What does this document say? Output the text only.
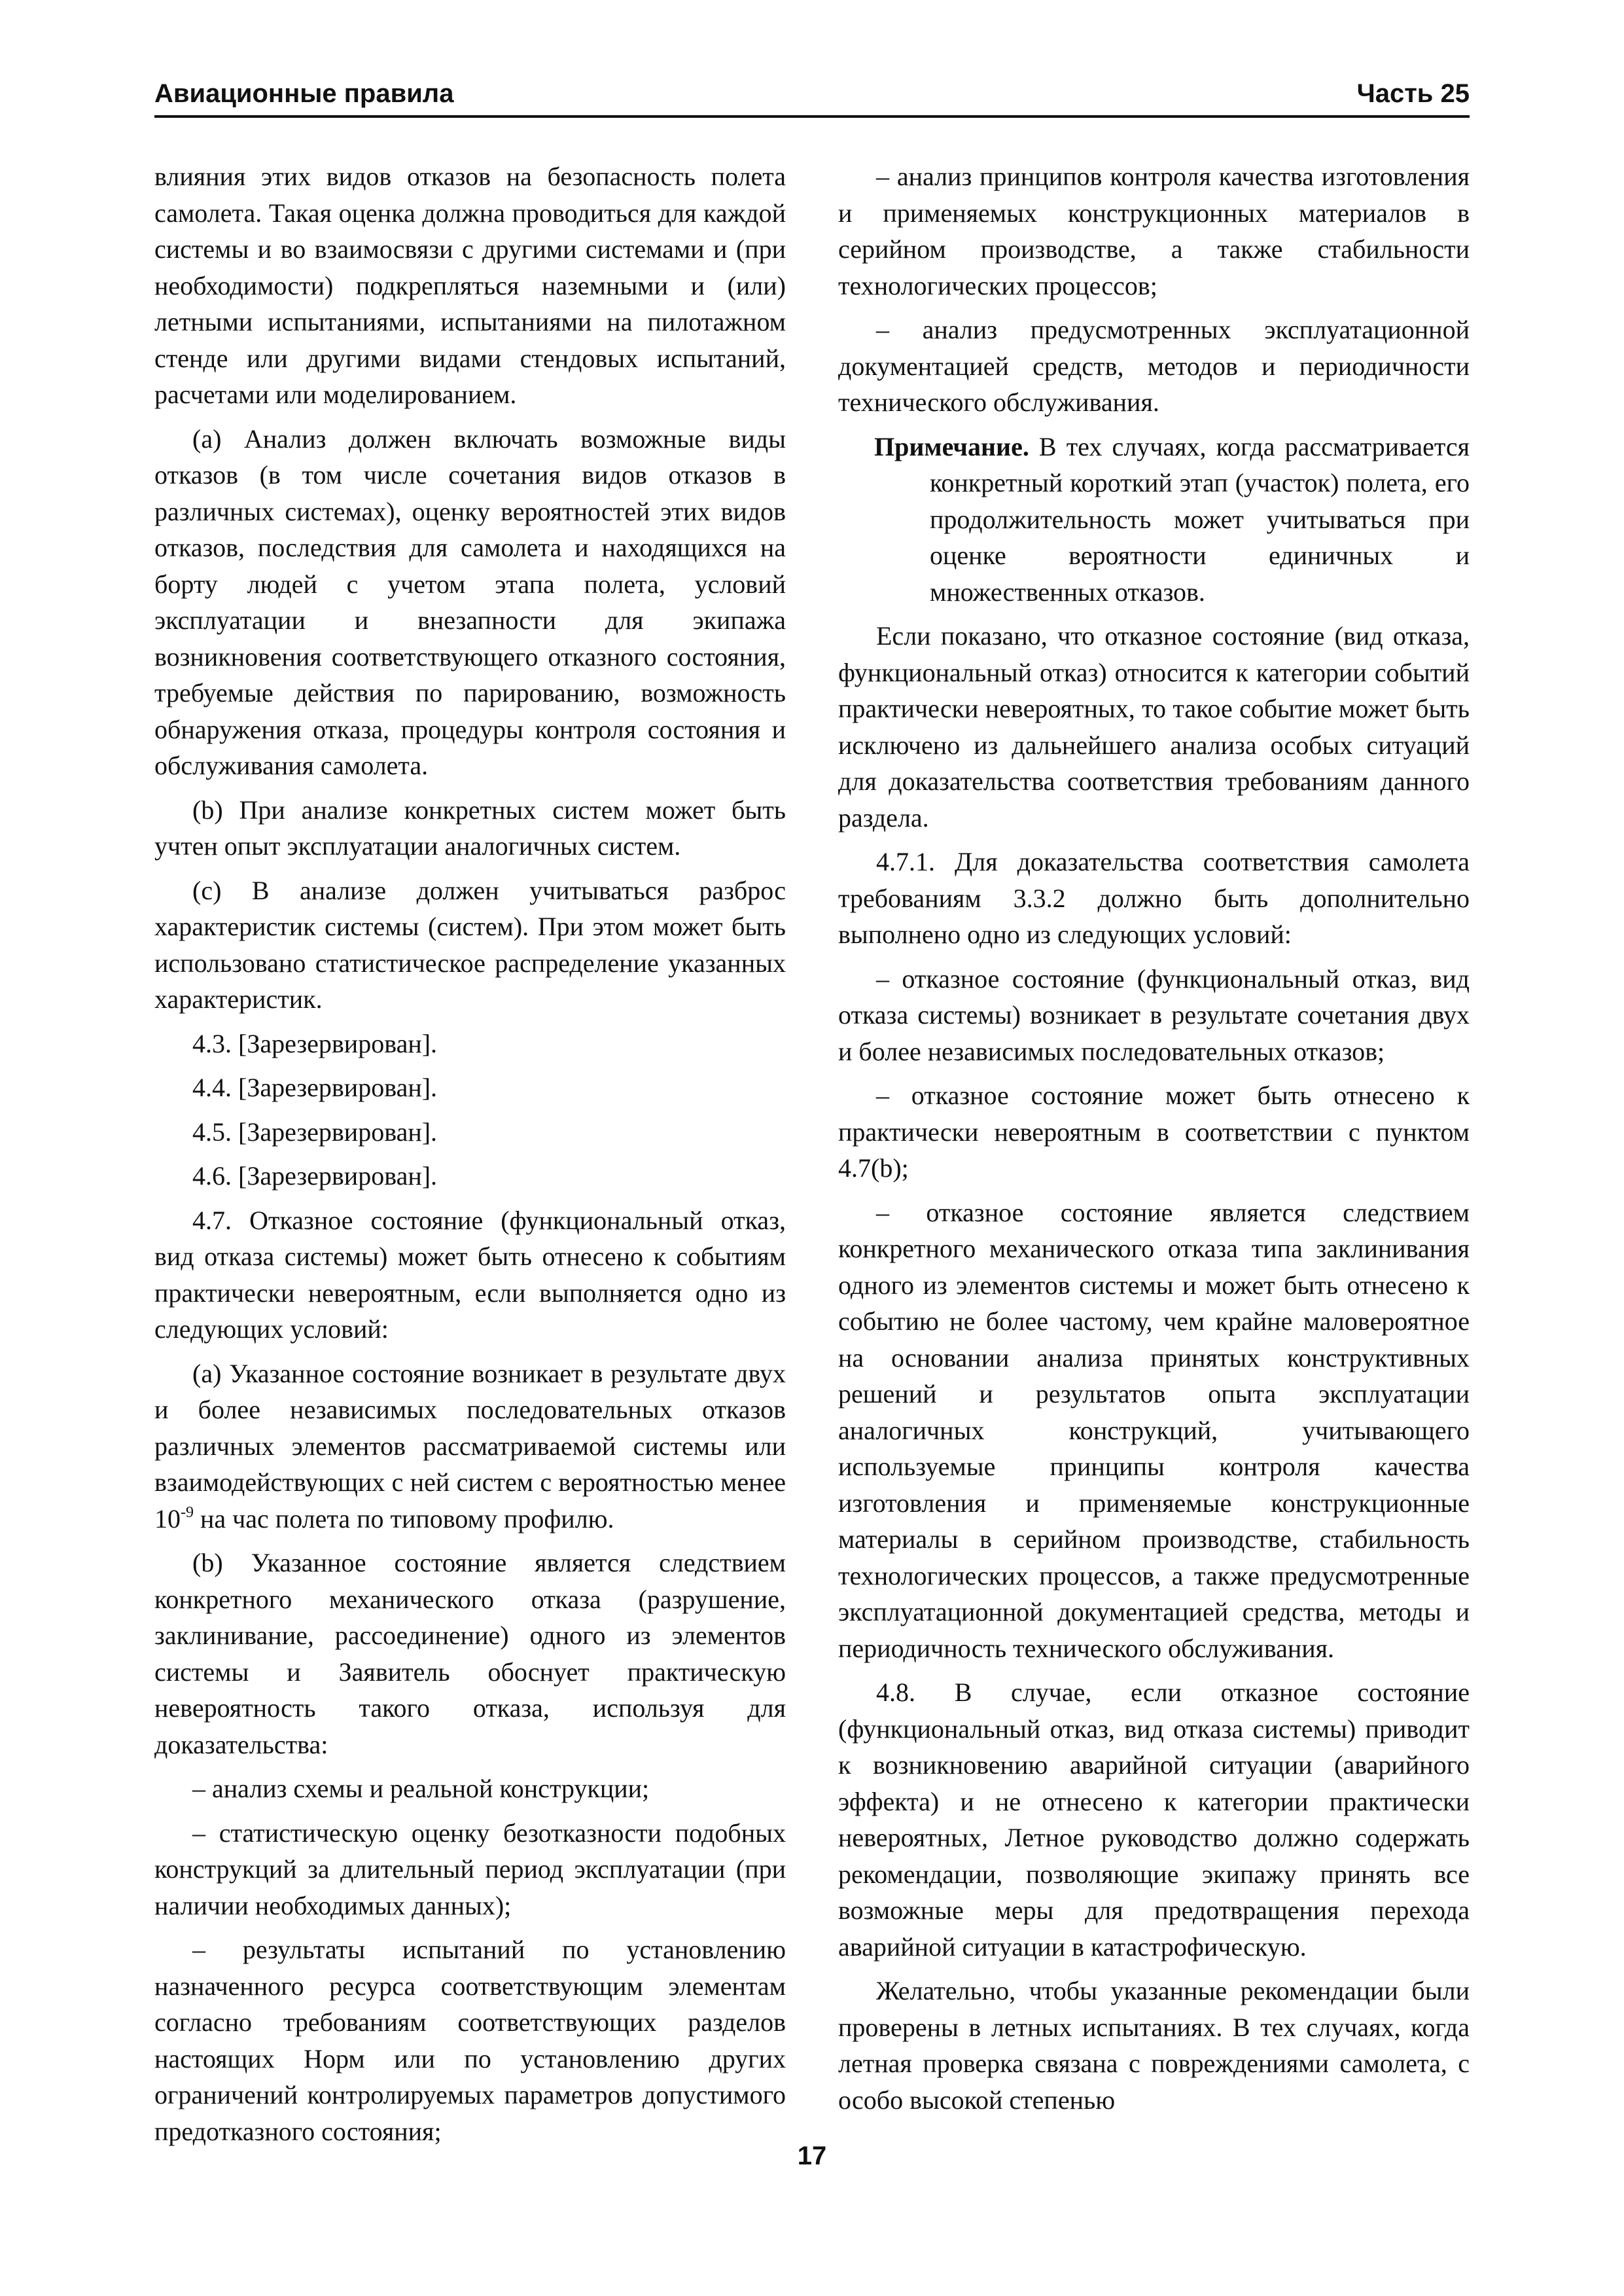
Авиационные правила	Часть 25

влияния этих видов отказов на безопасность полета самолета. Такая оценка должна проводиться для каждой системы и во взаимосвязи с другими системами и (при необходимости) подкрепляться наземными и (или) летными испытаниями, испытаниями на пилотажном стенде или другими видами стендовых испытаний, расчетами или моделированием.

(a) Анализ должен включать возможные виды отказов (в том числе сочетания видов отказов в различных системах), оценку вероятностей этих видов отказов, последствия для самолета и находящихся на борту людей с учетом этапа полета, условий эксплуатации и внезапности для экипажа возникновения соответствующего отказного состояния, требуемые действия по парированию, возможность обнаружения отказа, процедуры контроля состояния и обслуживания самолета.

(b) При анализе конкретных систем может быть учтен опыт эксплуатации аналогичных систем.

(c) В анализе должен учитываться разброс характеристик системы (систем). При этом может быть использовано статистическое распределение указанных характеристик.

4.3. [Зарезервирован].

4.4. [Зарезервирован].

4.5. [Зарезервирован].

4.6. [Зарезервирован].

4.7. Отказное состояние (функциональный отказ, вид отказа системы) может быть отнесено к событиям практически невероятным, если выполняется одно из следующих условий:

(a) Указанное состояние возникает в результате двух и более независимых последовательных отказов различных элементов рассматриваемой системы или взаимодействующих с ней систем с вероятностью менее $10^{-9}$ на час полета по типовому профилю.

(b) Указанное состояние является следствием конкретного механического отказа (разрушение, заклинивание, рассоединение) одного из элементов системы и Заявитель обоснует практическую невероятность такого отказа, используя для доказательства:

– анализ схемы и реальной конструкции;

– статистическую оценку безотказности подобных конструкций за длительный период эксплуатации (при наличии необходимых данных);

– результаты испытаний по установлению назначенного ресурса соответствующим элементам согласно требованиям соответствующих разделов настоящих Норм или по установлению других ограничений контролируемых параметров допустимого предотказного состояния;

– анализ принципов контроля качества изготовления и применяемых конструкционных материалов в серийном производстве, а также стабильности технологических процессов;

– анализ предусмотренных эксплуатационной документацией средств, методов и периодичности технического обслуживания.

Примечание. В тех случаях, когда рассматривается конкретный короткий этап (участок) полета, его продолжительность может учитываться при оценке вероятности единичных и множественных отказов.

Если показано, что отказное состояние (вид отказа, функциональный отказ) относится к категории событий практически невероятных, то такое событие может быть исключено из дальнейшего анализа особых ситуаций для доказательства соответствия требованиям данного раздела.

4.7.1. Для доказательства соответствия самолета требованиям 3.3.2 должно быть дополнительно выполнено одно из следующих условий:

– отказное состояние (функциональный отказ, вид отказа системы) возникает в результате сочетания двух и более независимых последовательных отказов;

– отказное состояние может быть отнесено к практически невероятным в соответствии с пунктом 4.7(b);

– отказное состояние является следствием конкретного механического отказа типа заклинивания одного из элементов системы и может быть отнесено к событию не более частому, чем крайне маловероятное на основании анализа принятых конструктивных решений и результатов опыта эксплуатации аналогичных конструкций, учитывающего используемые принципы контроля качества изготовления и применяемые конструкционные материалы в серийном производстве, стабильность технологических процессов, а также предусмотренные эксплуатационной документацией средства, методы и периодичность технического обслуживания.

4.8. В случае, если отказное состояние (функциональный отказ, вид отказа системы) приводит к возникновению аварийной ситуации (аварийного эффекта) и не отнесено к категории практически невероятных, Летное руководство должно содержать рекомендации, позволяющие экипажу принять все возможные меры для предотвращения перехода аварийной ситуации в катастрофическую.

Желательно, чтобы указанные рекомендации были проверены в летных испытаниях. В тех случаях, когда летная проверка связана с повреждениями самолета, с особо высокой степенью

17
